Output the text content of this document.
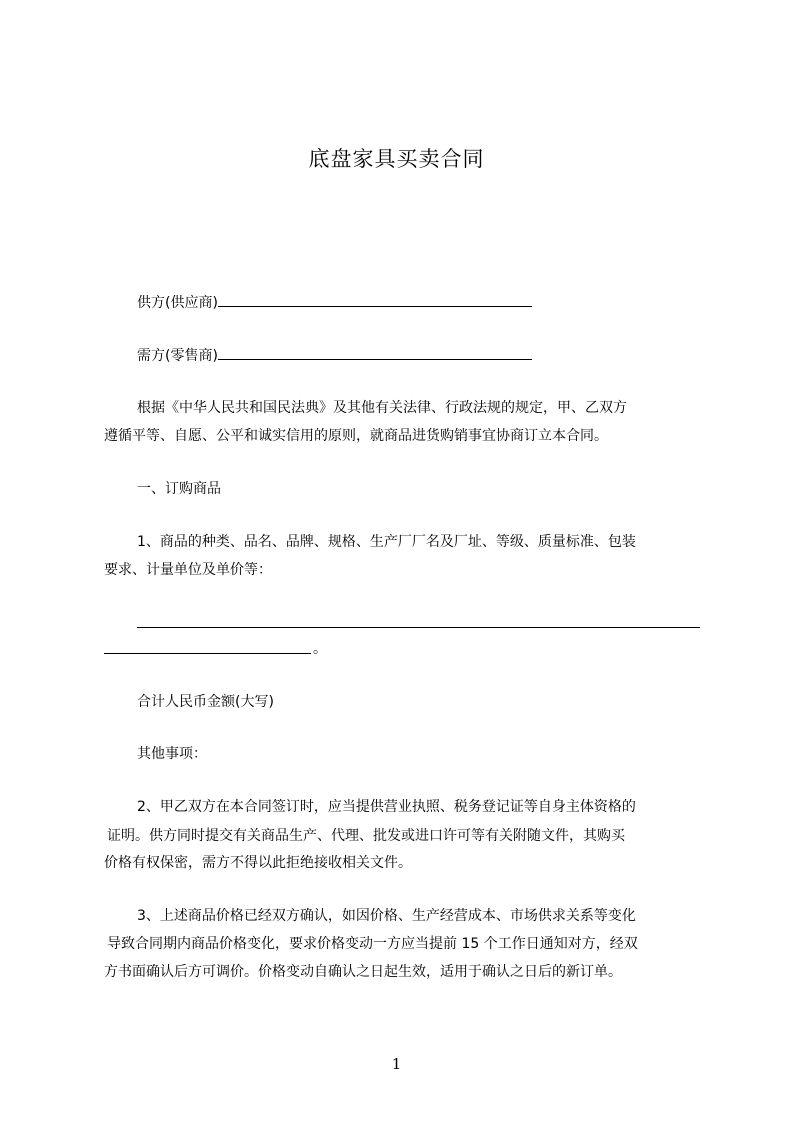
底盘家具买卖合同
供方(供应商)
需方(零售商)
根据《中华人民共和国民法典》及其他有关法律、行政法规的规定，甲、乙双方
遵循平等、自愿、公平和诚实信用的原则，就商品进货购销事宜协商订立本合同。
一、订购商品
1、商品的种类、品名、品牌、规格、生产厂厂名及厂址、等级、质量标准、包装
要求、计量单位及单价等：
。
合计人民币金额(大写)
其他事项：
2、甲乙双方在本合同签订时，应当提供营业执照、税务登记证等自身主体资格的
证明。供方同时提交有关商品生产、代理、批发或进口许可等有关附随文件，其购买
价格有权保密，需方不得以此拒绝接收相关文件。
3、上述商品价格已经双方确认，如因价格、生产经营成本、市场供求关系等变化
导致合同期内商品价格变化，要求价格变动一方应当提前 15 个工作日通知对方，经双
方书面确认后方可调价。价格变动自确认之日起生效，适用于确认之日后的新订单。
1
